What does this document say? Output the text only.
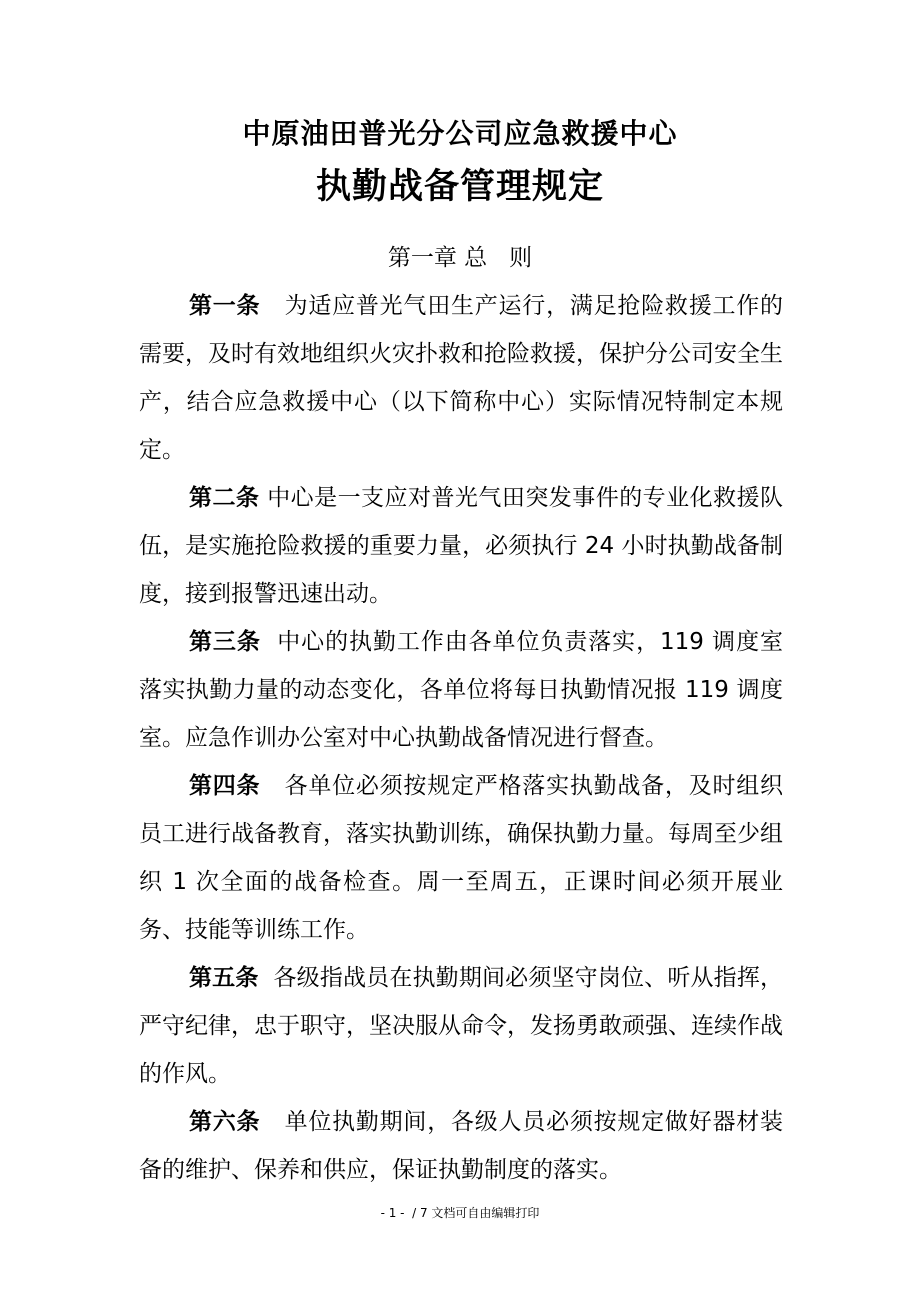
中原油田普光分公司应急救援中心
执勤战备管理规定
第一章 总   则

第一条 为适应普光气田生产运行，满足抢险救援工作的需要，及时有效地组织火灾扑救和抢险救援，保护分公司安全生产，结合应急救援中心（以下简称中心）实际情况特制定本规定。

第二条 中心是一支应对普光气田突发事件的专业化救援队伍，是实施抢险救援的重要力量，必须执行 24 小时执勤战备制度，接到报警迅速出动。

第三条 中心的执勤工作由各单位负责落实，119 调度室落实执勤力量的动态变化，各单位将每日执勤情况报 119 调度室。应急作训办公室对中心执勤战备情况进行督查。

第四条 各单位必须按规定严格落实执勤战备，及时组织员工进行战备教育，落实执勤训练，确保执勤力量。每周至少组织 1 次全面的战备检查。周一至周五，正课时间必须开展业务、技能等训练工作。

第五条 各级指战员在执勤期间必须坚守岗位、听从指挥，严守纪律，忠于职守，坚决服从命令，发扬勇敢顽强、连续作战的作风。

第六条 单位执勤期间，各级人员必须按规定做好器材装备的维护、保养和供应，保证执勤制度的落实。

- 1 -  / 7 文档可自由编辑打印
